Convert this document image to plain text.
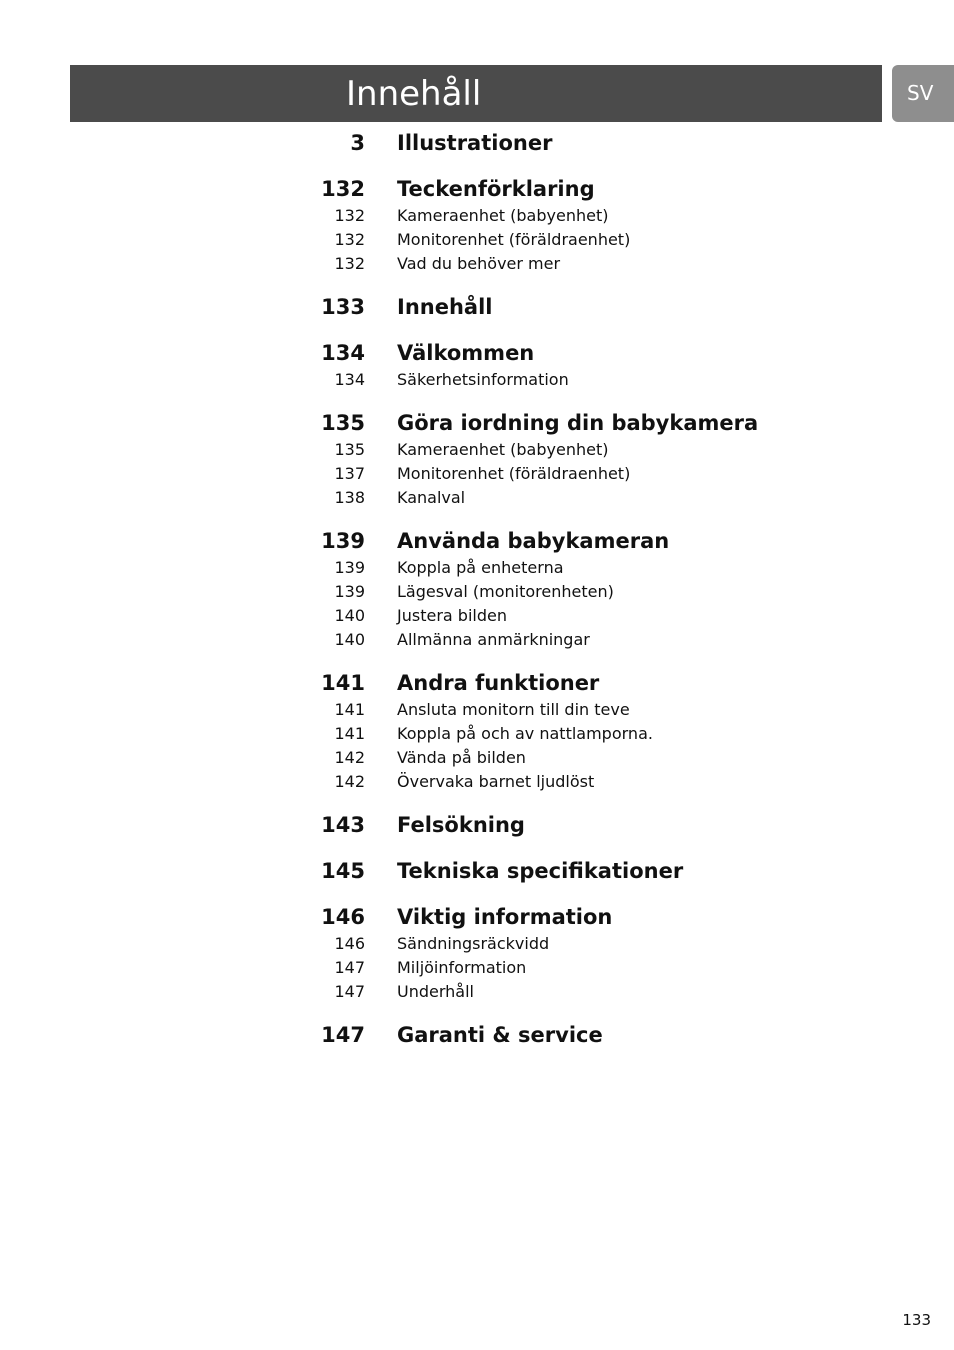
Innehåll	SV
3 Illustrationer
132 Teckenförklaring
132 Kameraenhet (babyenhet)
132 Monitorenhet (föräldraenhet)
132 Vad du behöver mer
133 Innehåll
134 Välkommen
134 Säkerhetsinformation
135 Göra iordning din babykamera
135 Kameraenhet (babyenhet)
137 Monitorenhet (föräldraenhet)
138 Kanalval
139 Använda babykameran
139 Koppla på enheterna
139 Lägesval (monitorenheten)
140 Justera bilden
140 Allmänna anmärkningar
141 Andra funktioner
141 Ansluta monitorn till din teve
141 Koppla på och av nattlamporna.
142 Vända på bilden
142 Övervaka barnet ljudlöst
143 Felsökning
145 Tekniska specifikationer
146 Viktig information
146 Sändningsräckvidd
147 Miljöinformation
147 Underhåll
147 Garanti & service
133
